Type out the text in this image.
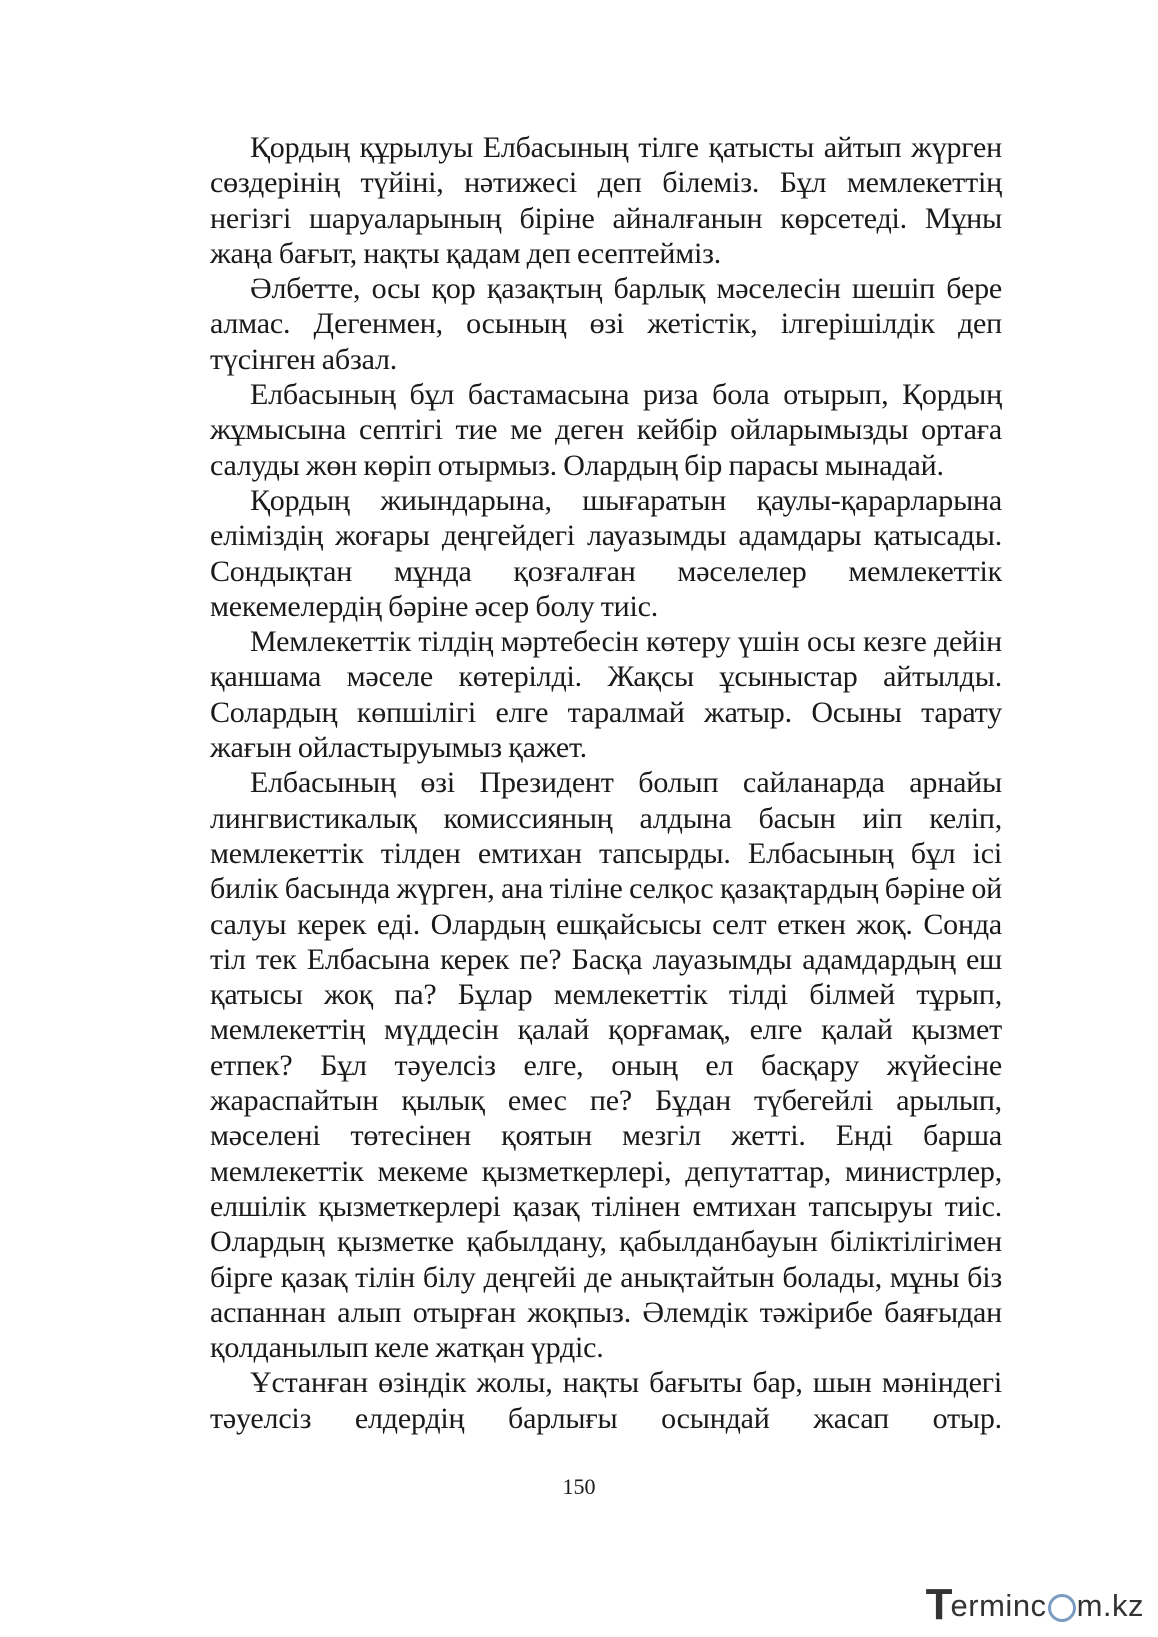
Қордың құрылуы Елбасының тілге қатысты айтып жүрген сөздерінің түйіні, нәтижесі деп білеміз. Бұл мемлекеттің негізгі шаруаларының біріне айналғанын көрсетеді. Мұны жаңа бағыт, нақты қадам деп есептейміз.

Әлбетте, осы қор қазақтың барлық мәселесін шешіп бере алмас. Дегенмен, осының өзі жетістік, ілгерішілдік деп түсінген абзал.

Елбасының бұл бастамасына риза бола отырып, Қордың жұмысына септігі тие ме деген кейбір ойларымызды ортаға салуды жөн көріп отырмыз. Олардың бір парасы мынадай.

Қордың жиындарына, шығаратын қаулы-қарарларына еліміздің жоғары деңгейдегі лауазымды адамдары қатысады. Сондықтан мұнда қозғалған мәселелер мемлекеттік мекемелердің бәріне әсер болу тиіс.

Мемлекеттік тілдің мәртебесін көтеру үшін осы кезге дейін қаншама мәселе көтерілді. Жақсы ұсыныстар айтылды. Солардың көпшілігі елге таралмай жатыр. Осыны тарату жағын ойластыруымыз қажет.

Елбасының өзі Президент болып сайланарда арнайы лингвистикалық комиссияның алдына басын иіп келіп, мемлекеттік тілден емтихан тапсырды. Елбасының бұл ісі билік басында жүрген, ана тіліне селқос қазақтардың бәріне ой салуы керек еді. Олардың ешқайсысы селт еткен жоқ. Сонда тіл тек Елбасына керек пе? Басқа лауазымды адамдардың еш қатысы жоқ па? Бұлар мемлекеттік тілді білмей тұрып, мемлекеттің мүддесін қалай қорғамақ, елге қалай қызмет етпек? Бұл тәуелсіз елге, оның ел басқару жүйесіне жараспайтын қылық емес пе? Бұдан түбегейлі арылып, мәселені төтесінен қоятын мезгіл жетті. Енді барша мемлекеттік мекеме қызметкерлері, депутаттар, министрлер, елшілік қызметкерлері қазақ тілінен емтихан тапсыруы тиіс. Олардың қызметке қабылдану, қабылданбауын біліктілігімен бірге қазақ тілін білу деңгейі де анықтайтын болады, мұны біз аспаннан алып отырған жоқпыз. Әлемдік тәжірибе баяғыдан қолданылып келе жатқан үрдіс.

Ұстанған өзіндік жолы, нақты бағыты бар, шын мәніндегі тәуелсіз елдердің барлығы осындай жасап отыр.

150
T
erminc m.kz
